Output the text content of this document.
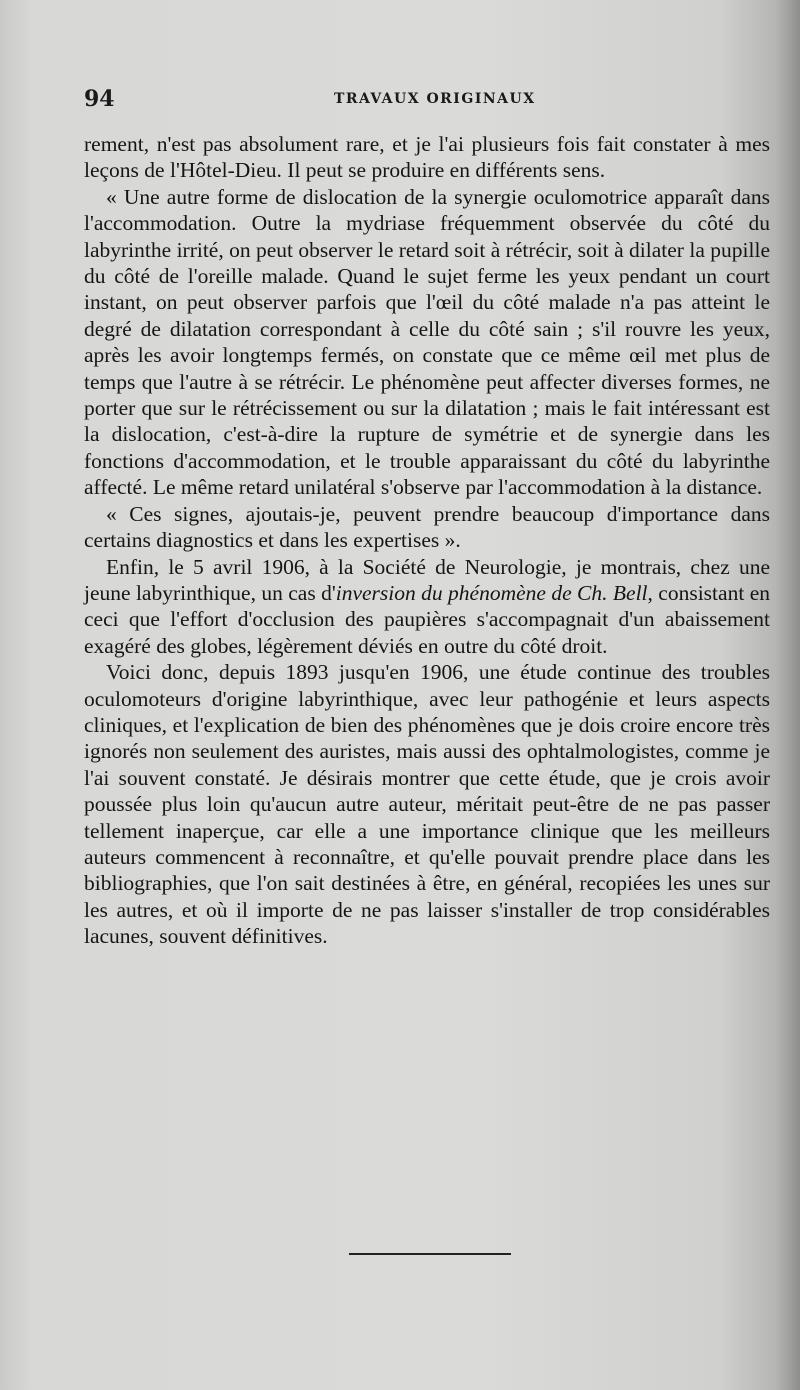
94	TRAVAUX ORIGINAUX

rement, n'est pas absolument rare, et je l'ai plusieurs fois fait constater à mes leçons de l'Hôtel-Dieu. Il peut se produire en différents sens.

« Une autre forme de dislocation de la synergie oculomotrice apparaît dans l'accommodation. Outre la mydriase fréquemment observée du côté du labyrinthe irrité, on peut observer le retard soit à rétrécir, soit à dilater la pupille du côté de l'oreille malade. Quand le sujet ferme les yeux pendant un court instant, on peut observer parfois que l'œil du côté malade n'a pas atteint le degré de dilatation correspondant à celle du côté sain ; s'il rouvre les yeux, après les avoir longtemps fermés, on constate que ce même œil met plus de temps que l'autre à se rétrécir. Le phénomène peut affecter diverses formes, ne porter que sur le rétrécissement ou sur la dilatation ; mais le fait intéressant est la dislocation, c'est-à-dire la rupture de symétrie et de synergie dans les fonctions d'accommodation, et le trouble apparaissant du côté du labyrinthe affecté. Le même retard unilatéral s'observe par l'accommodation à la distance.

« Ces signes, ajoutais-je, peuvent prendre beaucoup d'importance dans certains diagnostics et dans les expertises ».

Enfin, le 5 avril 1906, à la Société de Neurologie, je montrais, chez une jeune labyrinthique, un cas d'inversion du phénomène de Ch. Bell, consistant en ceci que l'effort d'occlusion des paupières s'accompagnait d'un abaissement exagéré des globes, légèrement déviés en outre du côté droit.

Voici donc, depuis 1893 jusqu'en 1906, une étude continue des troubles oculomoteurs d'origine labyrinthique, avec leur pathogénie et leurs aspects cliniques, et l'explication de bien des phénomènes que je dois croire encore très ignorés non seulement des auristes, mais aussi des ophtalmologistes, comme je l'ai souvent constaté. Je désirais montrer que cette étude, que je crois avoir poussée plus loin qu'aucun autre auteur, méritait peut-être de ne pas passer tellement inaperçue, car elle a une importance clinique que les meilleurs auteurs commencent à reconnaître, et qu'elle pouvait prendre place dans les bibliographies, que l'on sait destinées à être, en général, recopiées les unes sur les autres, et où il importe de ne pas laisser s'installer de trop considérables lacunes, souvent définitives.
